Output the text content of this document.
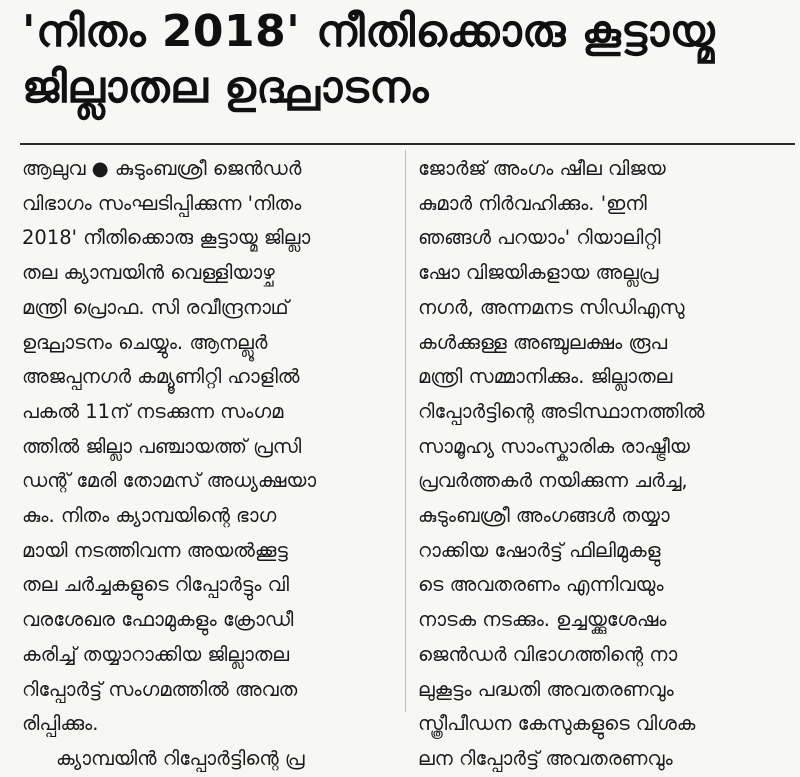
'നിതം 2018' നീതിക്കൊരു കൂട്ടായ്മ
ജില്ലാതല ഉദ്ഘാടനം
ആലുവ ● കുടുംബശ്രീ ജെൻഡർ
വിഭാഗം സംഘടിപ്പിക്കുന്ന 'നിതം
2018' നീതിക്കൊരു കൂട്ടായ്മ ജില്ലാ
തല ക്യാമ്പയിൻ വെള്ളിയാഴ്ച
മന്ത്രി പ്രൊഫ. സി രവീന്ദ്രനാഥ്
ഉദ്ഘാടനം ചെയ്യും. ആനല്ലൂർ
അജപ്പനഗർ കമ്യൂണിറ്റി ഹാളിൽ
പകൽ 11ന് നടക്കുന്ന സംഗമ
ത്തിൽ ജില്ലാ പഞ്ചായത്ത് പ്രസി
ഡന്റ് മേരി തോമസ് അധ്യക്ഷയാ
കും. നിതം ക്യാമ്പയിന്റെ ഭാഗ
മായി നടത്തിവന്ന അയൽക്കൂട്ട
തല ചർച്ചകളുടെ റിപ്പോർട്ടും വി
വരശേഖര ഫോമുകളും ക്രോഡീ
കരിച്ച് തയ്യാറാക്കിയ ജില്ലാതല
റിപ്പോർട്ട് സംഗമത്തിൽ അവത
രിപ്പിക്കും.
ക്യാമ്പയിൻ റിപ്പോർട്ടിന്റെ പ്ര
ജോർജ് അംഗം ഷീല വിജയ
കുമാർ നിർവഹിക്കും. 'ഇനി
ഞങ്ങൾ പറയാം' റിയാലിറ്റി
ഷോ വിജയികളായ അല്ലപ്ര
നഗർ, അന്നമനട സിഡിഎസു
കൾക്കുള്ള അഞ്ചുലക്ഷം രൂപ
മന്ത്രി സമ്മാനിക്കും. ജില്ലാതല
റിപ്പോർട്ടിന്റെ അടിസ്ഥാനത്തിൽ
സാമൂഹ്യ സാംസ്കാരിക രാഷ്ട്രീയ
പ്രവർത്തകർ നയിക്കുന്ന ചർച്ച,
കുടുംബശ്രീ അംഗങ്ങൾ തയ്യാ
റാക്കിയ ഷോർട്ട് ഫിലിമുകളു
ടെ അവതരണം എന്നിവയും
നാടക നടക്കും. ഉച്ചയ്ക്കുശേഷം
ജെൻഡർ വിഭാഗത്തിന്റെ നാ
ലുകൂട്ടം പദ്ധതി അവതരണവും
സ്ത്രീപീഡന കേസുകളുടെ വിശക
ലന റിപ്പോർട്ട് അവതരണവും
